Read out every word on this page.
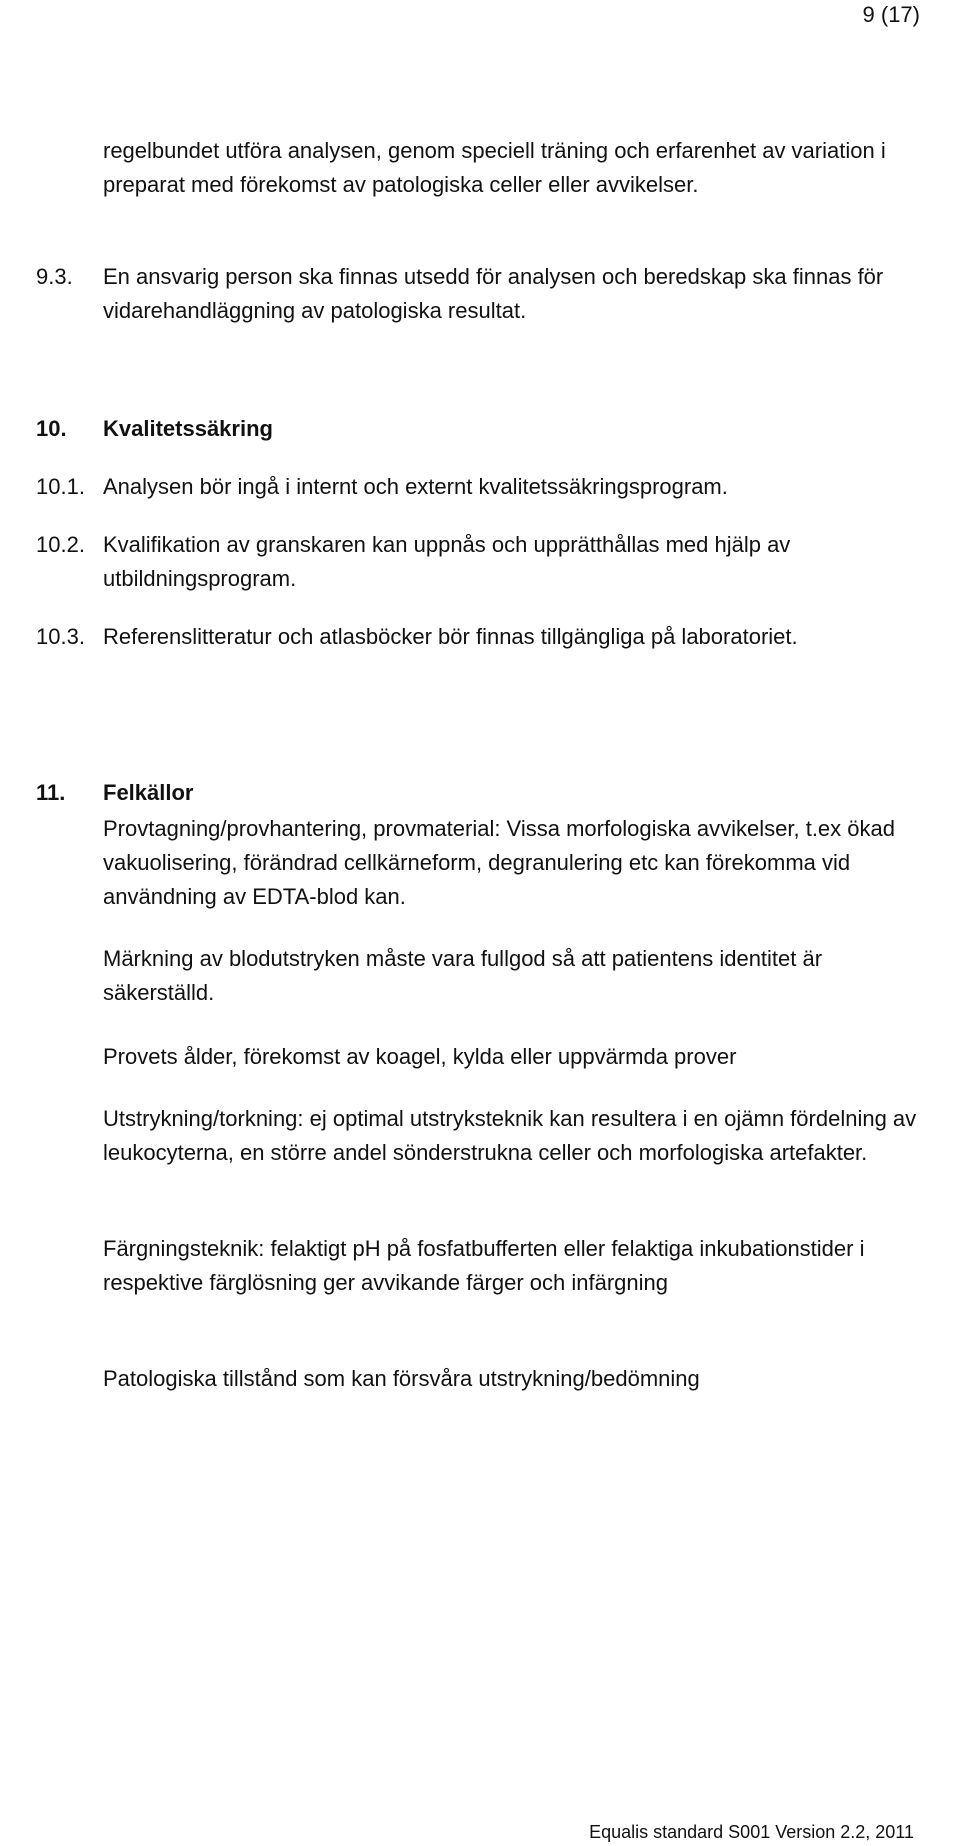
9 (17)

regelbundet utföra analysen, genom speciell träning och erfarenhet av variation i preparat med förekomst av patologiska celler eller avvikelser.

9.3. En ansvarig person ska finnas utsedd för analysen och beredskap ska finnas för vidarehandläggning av patologiska resultat.

10. Kvalitetssäkring

10.1. Analysen bör ingå i internt och externt kvalitetssäkringsprogram.

10.2. Kvalifikation av granskaren kan uppnås och upprätthållas med hjälp av utbildningsprogram.

10.3. Referenslitteratur och atlasböcker bör finnas tillgängliga på laboratoriet.

11. Felkällor

Provtagning/provhantering, provmaterial: Vissa morfologiska avvikelser, t.ex ökad vakuolisering, förändrad cellkärneform, degranulering etc kan förekomma vid användning av EDTA-blod kan.

Märkning av blodutstryken måste vara fullgod så att patientens identitet är säkerställd.

Provets ålder, förekomst av koagel, kylda eller uppvärmda prover

Utstrykning/torkning: ej optimal utstryksteknik kan resultera i en ojämn fördelning av leukocyterna, en större andel sönderstrukna celler och morfologiska artefakter.

Färgningsteknik: felaktigt pH på fosfatbufferten eller felaktiga inkubationstider i respektive färglösning ger avvikande färger och infärgning

Patologiska tillstånd som kan försvåra utstrykning/bedömning

Equalis standard S001 Version 2.2, 2011
